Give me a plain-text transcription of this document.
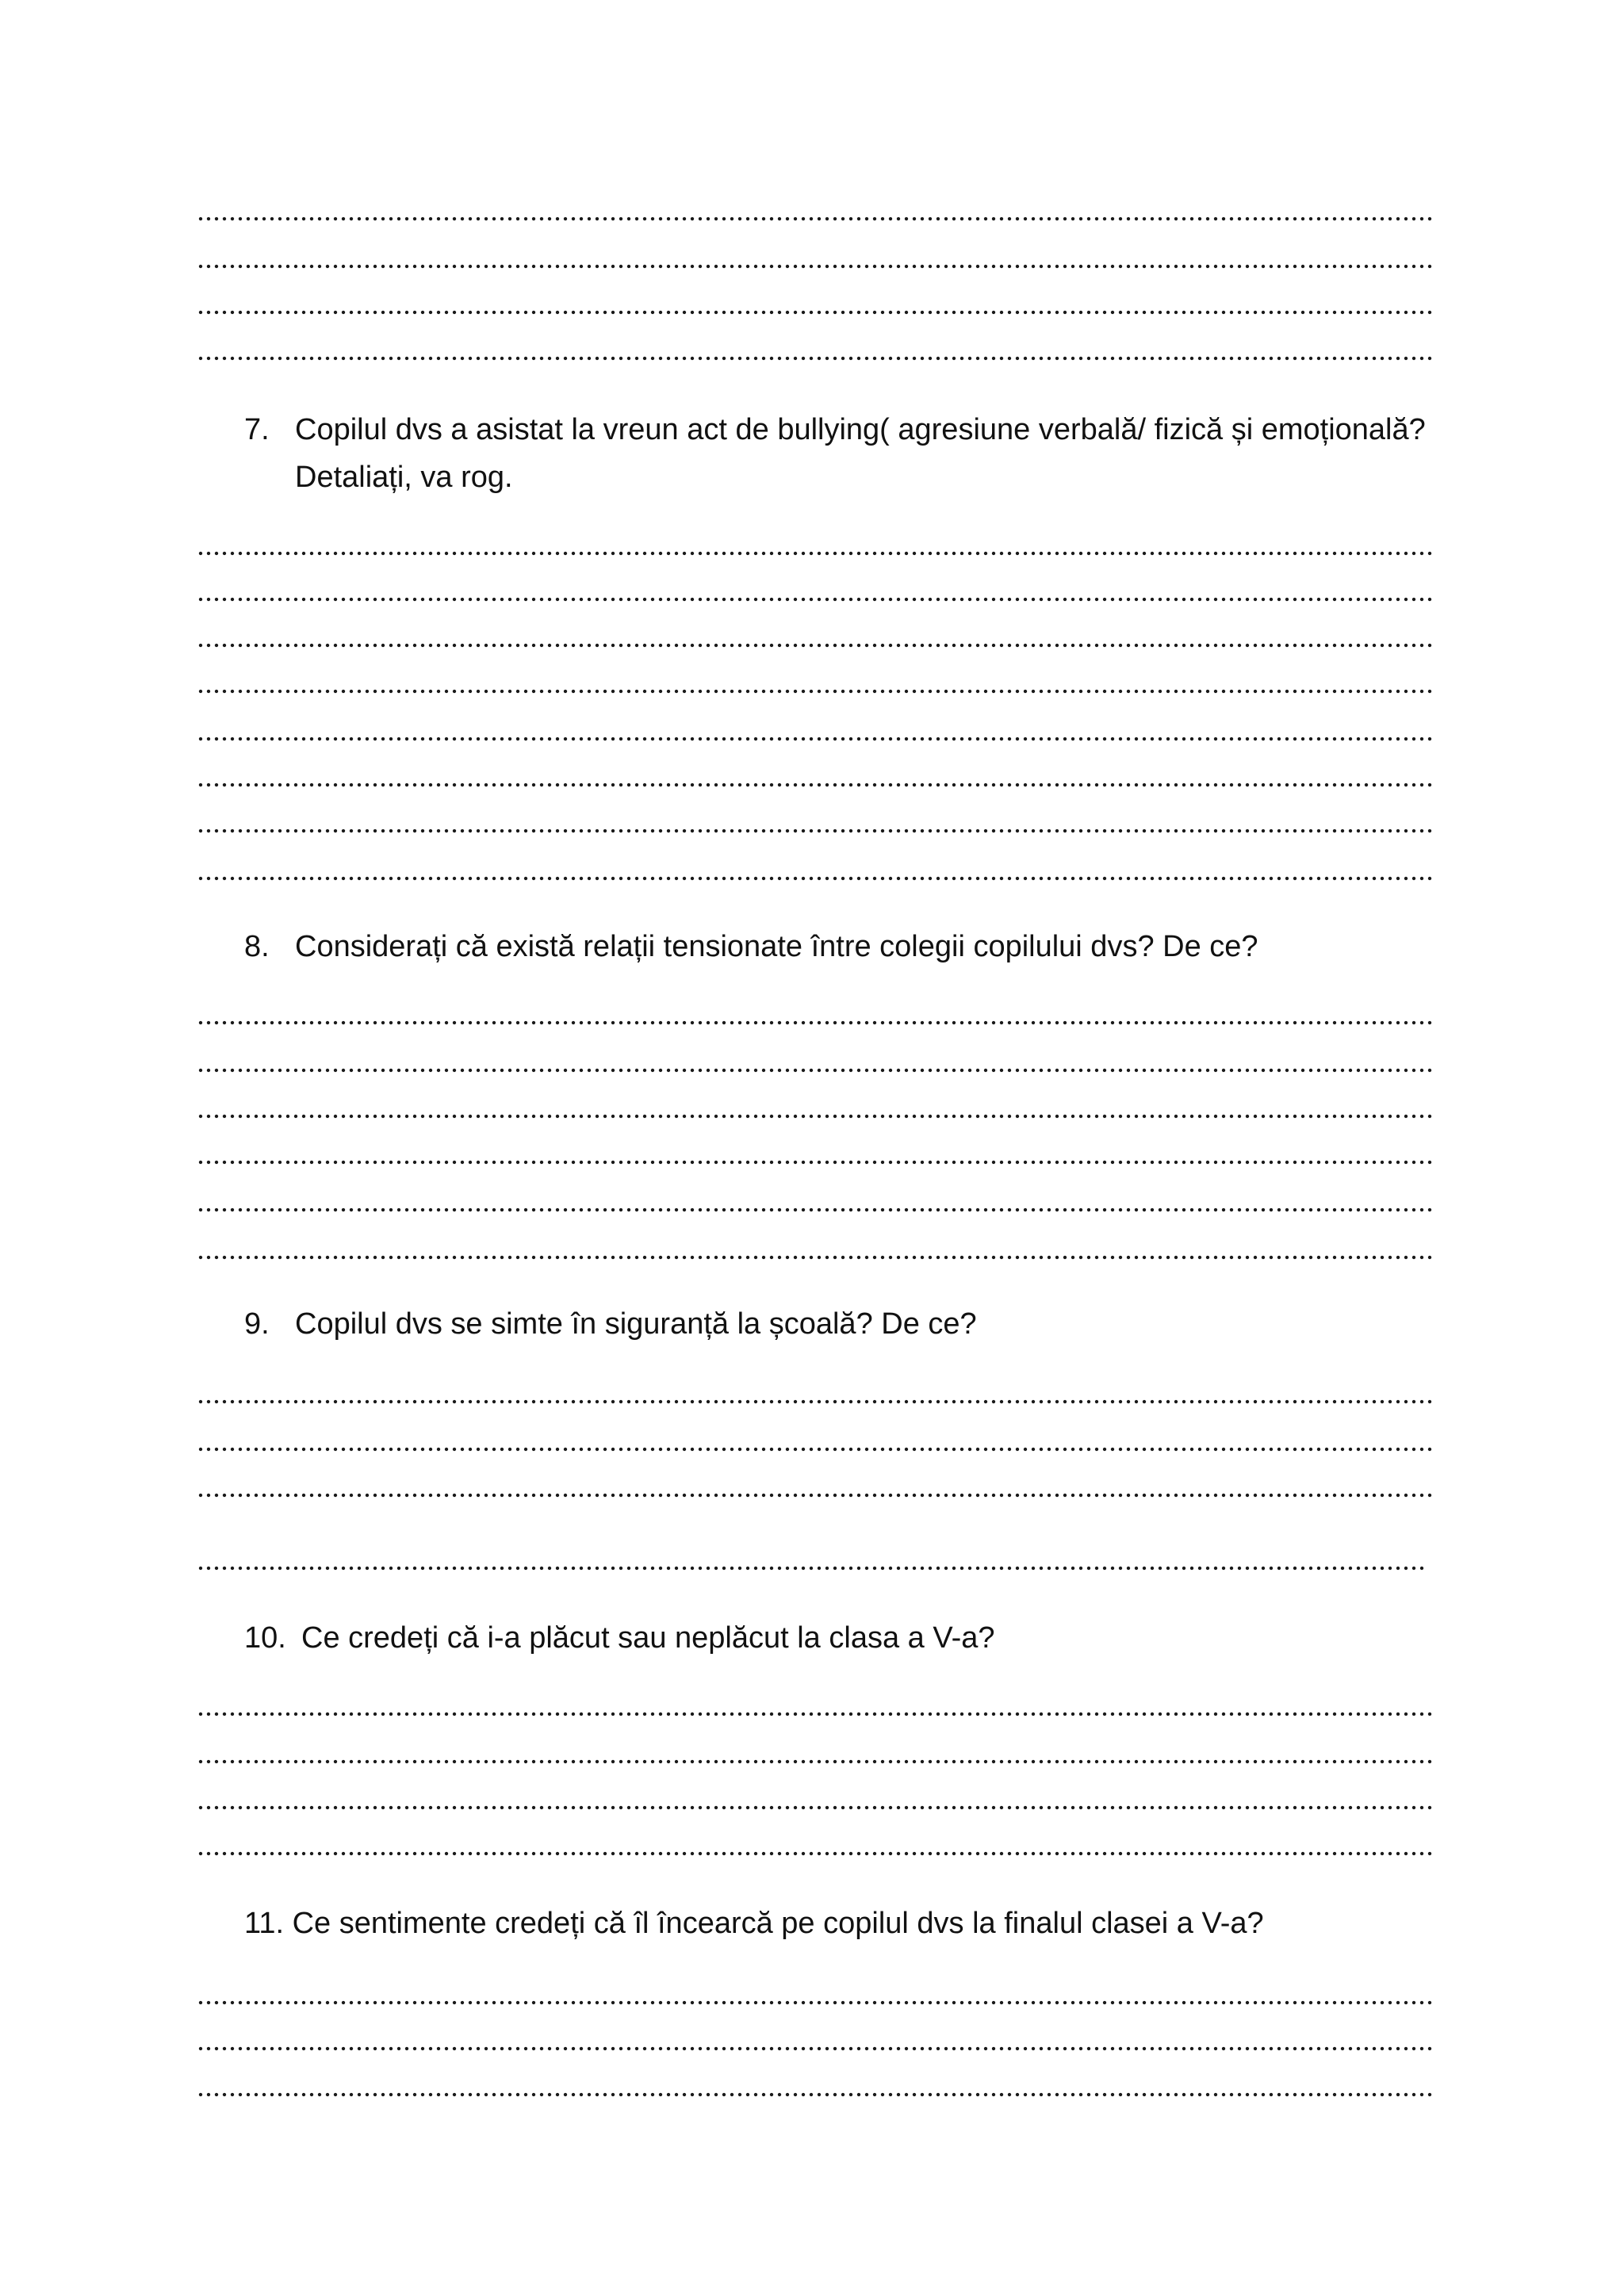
7. Copilul dvs a asistat la vreun act de bullying( agresiune verbală/ fizică și emoțională?
Detaliați, va rog.
8. Considerați că există relații tensionate între colegii copilului dvs? De ce?
9. Copilul dvs se simte în siguranță la școală? De ce?
10. Ce credeți că i-a plăcut sau neplăcut la clasa a V-a?
11. Ce sentimente credeți că îl încearcă pe copilul dvs la finalul clasei a V-a?
